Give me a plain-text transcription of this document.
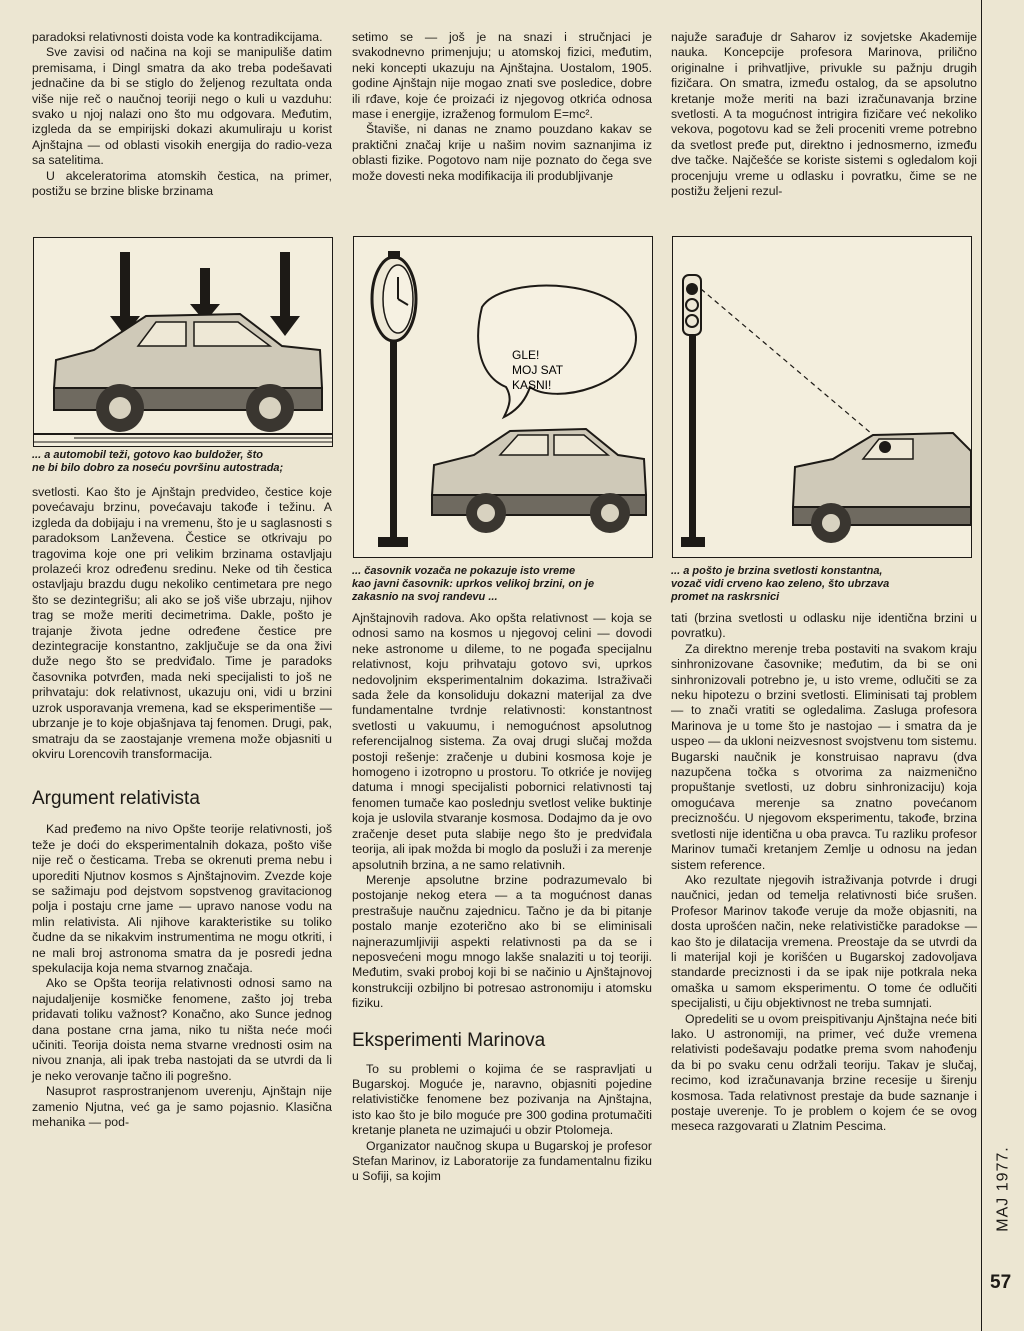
paradoksi relativnosti doista vode ka kontradikcijama.

Sve zavisi od načina na koji se manipuliše datim premisama, i Dingl smatra da ako treba podešavati jednačine da bi se stiglo do željenog rezultata onda više nije reč o naučnoj teoriji nego o kuli u vazduhu: svako u njoj nalazi ono što mu odgovara. Međutim, izgleda da se empirijski dokazi akumuliraju u korist Ajnštajna — od oblasti visokih energija do radio-veza sa satelitima.

U akceleratorima atomskih čestica, na primer, postižu se brzine bliske brzinama

setimo se — još je na snazi i stručnjaci je svakodnevno primenjuju; u atomskoj fizici, međutim, neki koncepti ukazuju na Ajnštajna. Uostalom, 1905. godine Ajnštajn nije mogao znati sve posledice, dobre ili rđave, koje će proizaći iz njegovog otkrića odnosa mase i energije, izraženog formulom E=mc².

Štaviše, ni danas ne znamo pouzdano kakav se praktični značaj krije u našim novim saznanjima iz oblasti fizike. Pogotovo nam nije poznato do čega sve može dovesti neka modifikacija ili produbljivanje

najuže sarađuje dr Saharov iz sovjetske Akademije nauka. Koncepcije profesora Marinova, prilično originalne i prihvatljive, privukle su pažnju drugih fizičara. On smatra, između ostalog, da se apsolutno kretanje može meriti na bazi izračunavanja brzine svetlosti. A ta mogućnost intrigira fizičare već nekoliko vekova, pogotovu kad se želi proceniti vreme potrebno da svetlost pređe put, direktno i jednosmerno, između dve tačke. Najčešće se koriste sistemi s ogledalom koji procenjuju vreme u odlasku i povratku, čime se ne postižu željeni rezul-

... a automobil teži, gotovo kao buldožer, što
ne bi bilo dobro za noseću površinu autostrada;
GLE!
MOJ SAT
KASNI!
... časovnik vozača ne pokazuje isto vreme
kao javni časovnik: uprkos velikoj brzini, on je
zakasnio na svoj randevu ...
... a pošto je brzina svetlosti konstantna,
vozač vidi crveno kao zeleno, što ubrzava
promet na raskrsnici

svetlosti. Kao što je Ajnštajn predvideo, čestice koje povećavaju brzinu, povećavaju takođe i težinu. A izgleda da dobijaju i na vremenu, što je u saglasnosti s paradoksom Lanževena. Čestice se otkrivaju po tragovima koje one pri velikim brzinama ostavljaju prolazeći kroz određenu sredinu. Neke od tih čestica ostavljaju brazdu dugu nekoliko centimetara pre nego što se dezintegrišu; ali ako se još više ubrzaju, njihov trag se može meriti decimetrima. Dakle, pošto je trajanje života jedne određene čestice pre dezintegracije konstantno, zaključuje se da ona živi duže nego što se predviđalo. Time je paradoks časovnika potvrđen, mada neki specijalisti to još ne prihvataju: dok relativnost, ukazuju oni, vidi u brzini uzrok usporavanja vremena, kad se eksperimentiše — ubrzanje je to koje objašnjava taj fenomen. Drugi, pak, smatraju da se zaostajanje vremena može objasniti u okviru Lorencovih transformacija.

Argument relativista

Kad pređemo na nivo Opšte teorije relativnosti, još teže je doći do eksperimentalnih dokaza, pošto više nije reč o česticama. Treba se okrenuti prema nebu i uporediti Njutnov kosmos s Ajnštajnovim. Zvezde koje se sažimaju pod dejstvom sopstvenog gravitacionog polja i postaju crne jame — upravo nanose vodu na mlin relativista. Ali njihove karakteristike su toliko čudne da se nikakvim instrumentima ne mogu otkriti, i ne mali broj astronoma smatra da je posredi jedna spekulacija koja nema stvarnog značaja.

Ako se Opšta teorija relativnosti odnosi samo na najudaljenije kosmičke fenomene, zašto joj treba pridavati toliku važnost? Konačno, ako Sunce jednog dana postane crna jama, niko tu ništa neće moći učiniti. Teorija doista nema stvarne vrednosti osim na nivou znanja, ali ipak treba nastojati da se utvrdi da li je neko verovanje tačno ili pogrešno.

Nasuprot rasprostranjenom uverenju, Ajnštajn nije zamenio Njutna, već ga je samo pojasnio. Klasična mehanika — pod-

Ajnštajnovih radova. Ako opšta relativnost — koja se odnosi samo na kosmos u njegovoj celini — dovodi neke astronome u dileme, to ne pogađa specijalnu relativnost, koju prihvataju gotovo svi, uprkos nedovoljnim eksperimentalnim dokazima. Istraživači sada žele da konsoliduju dokazni materijal za dve fundamentalne tvrdnje relativnosti: konstantnost svetlosti u vakuumu, i nemogućnost apsolutnog referencijalnog sistema. Za ovaj drugi slučaj možda postoji rešenje: zračenje u dubini kosmosa koje je homogeno i izotropno u prostoru. To otkriće je novijeg datuma i mnogi specijalisti pobornici relativnosti taj fenomen tumače kao poslednju svetlost velike buktinje koja je uslovila stvaranje kosmosa. Dodajmo da je ovo zračenje deset puta slabije nego što je predviđala teorija, ali ipak možda bi moglo da posluži i za merenje apsolutnih brzina, a ne samo relativnih.

Merenje apsolutne brzine podrazumevalo bi postojanje nekog etera — a ta mogućnost danas prestrašuje naučnu zajednicu. Tačno je da bi pitanje postalo manje ezoterično ako bi se eliminisali najnerazumljiviji aspekti relativnosti pa da se i neposvećeni mogu mnogo lakše snalaziti u toj teoriji. Međutim, svaki proboj koji bi se načinio u Ajnštajnovoj konstrukciji ozbiljno bi potresao astronomiju i atomsku fiziku.

Eksperimenti Marinova

To su problemi o kojima će se raspravljati u Bugarskoj. Moguće je, naravno, objasniti pojedine relativističke fenomene bez pozivanja na Ajnštajna, isto kao što je bilo moguće pre 300 godina protumačiti kretanje planeta ne uzimajući u obzir Ptolomeja.

Organizator naučnog skupa u Bugarskoj je profesor Stefan Marinov, iz Laboratorije za fundamentalnu fiziku u Sofiji, sa kojim

tati (brzina svetlosti u odlasku nije identična brzini u povratku).

Za direktno merenje treba postaviti na svakom kraju sinhronizovane časovnike; međutim, da bi se oni sinhronizovali potrebno je, u isto vreme, odlučiti se za neku hipotezu o brzini svetlosti. Eliminisati taj problem — to znači vratiti se ogledalima. Zasluga profesora Marinova je u tome što je nastojao — i smatra da je uspeo — da ukloni neizvesnost svojstvenu tom sistemu. Bugarski naučnik je konstruisao napravu (dva nazupčena točka s otvorima za naizmenično propuštanje svetlosti, uz dobru sinhronizaciju) koja omogućava merenje sa znatno povećanom preciznošću. U njegovom eksperimentu, takođe, brzina svetlosti nije identična u oba pravca. Tu razliku profesor Marinov tumači kretanjem Zemlje u odnosu na jedan sistem reference.

Ako rezultate njegovih istraživanja potvrde i drugi naučnici, jedan od temelja relativnosti biće srušen. Profesor Marinov takođe veruje da može objasniti, na dosta uprošćen način, neke relativističke paradokse — kao što je dilatacija vremena. Preostaje da se utvrdi da li materijal koji je korišćen u Bugarskoj zadovoljava standarde preciznosti i da se ipak nije potkrala neka omaška u samom eksperimentu. O tome će odlučiti specijalisti, u čiju objektivnost ne treba sumnjati.

Opredeliti se u ovom preispitivanju Ajnštajna neće biti lako. U astronomiji, na primer, već duže vremena relativisti podešavaju podatke prema svom nahođenju da bi po svaku cenu održali teoriju. Takav je slučaj, recimo, kod izračunavanja brzine recesije u širenju kosmosa. Tada relativnost prestaje da bude saznanje i postaje uverenje. To je problem o kojem će se ovog meseca razgovarati u Zlatnim Pescima.

MAJ 1977.
57
